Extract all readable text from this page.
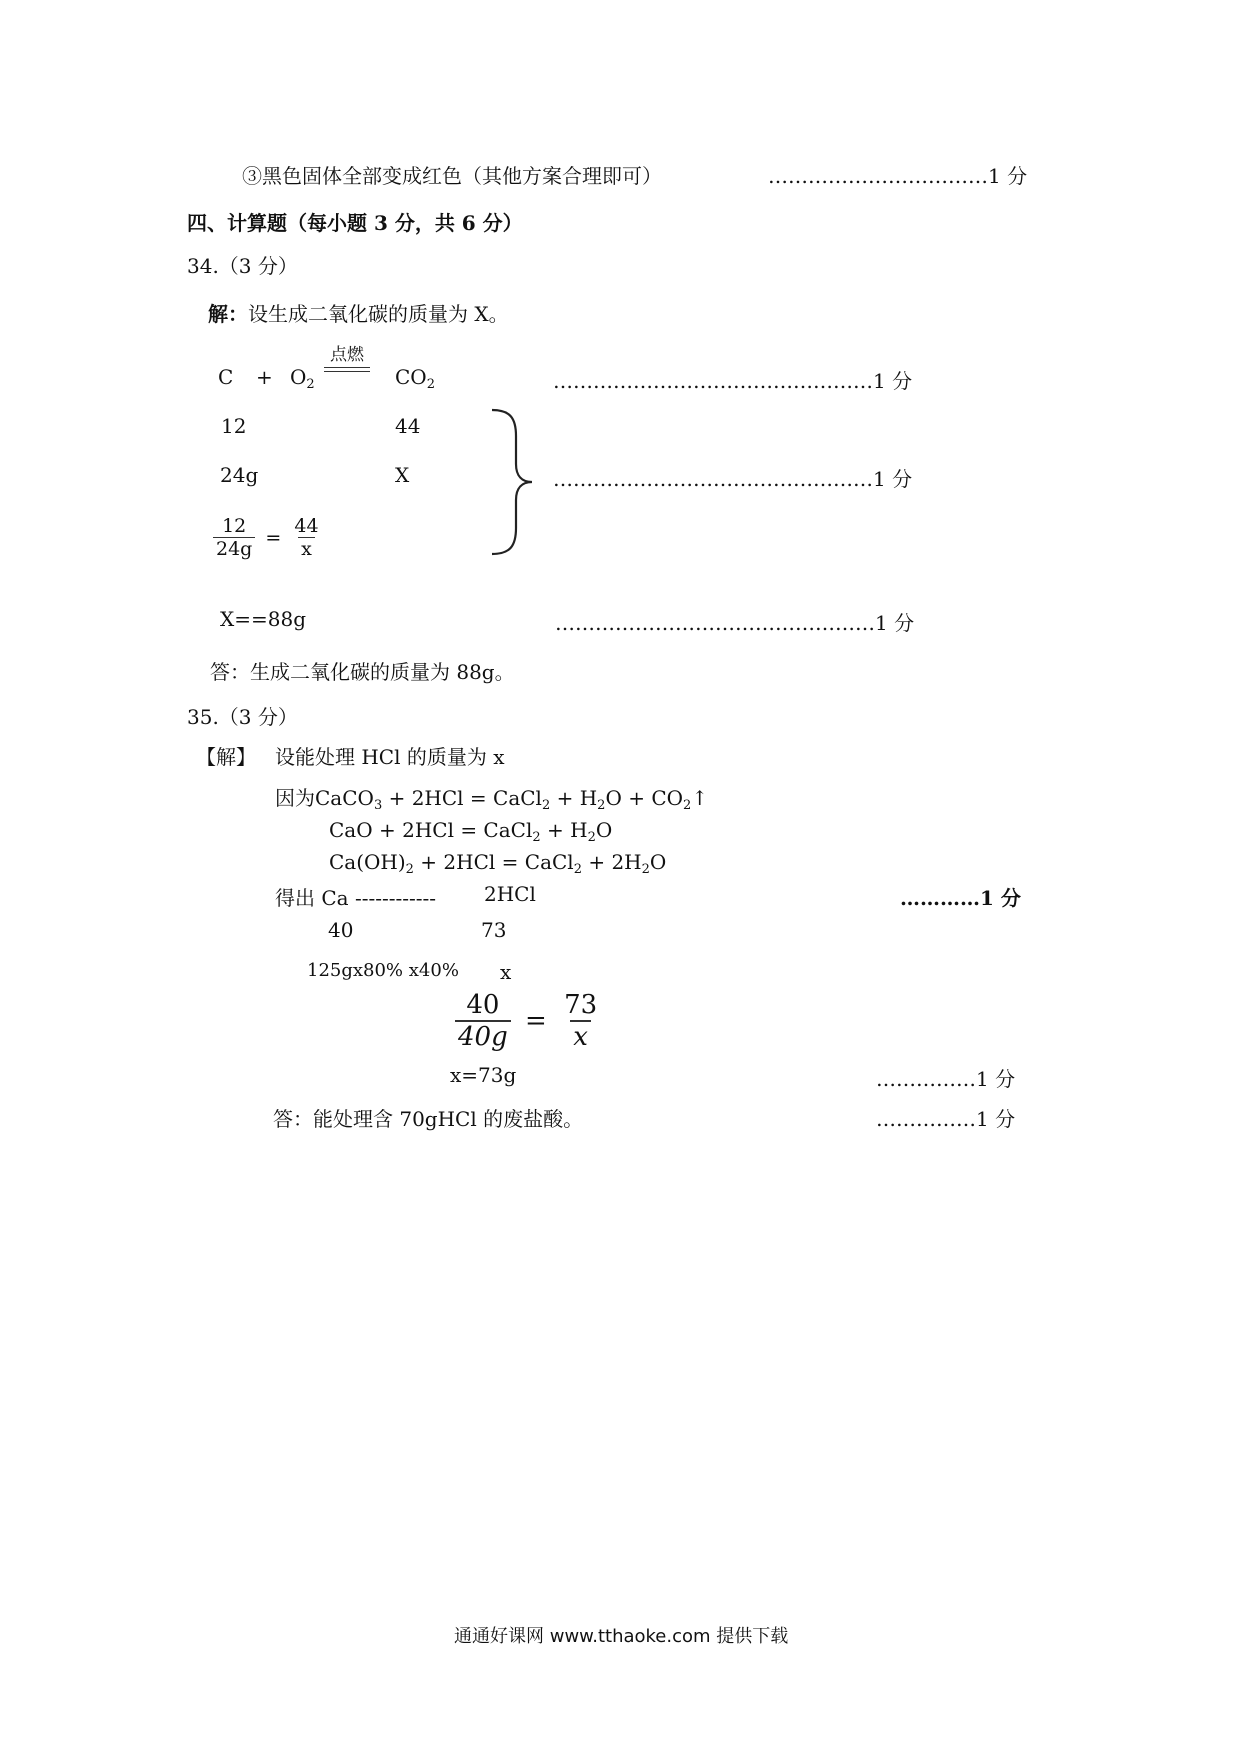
③黑色固体全部变成红色（其他方案合理即可）	……………………………1 分
四、计算题（每小题 3 分，共 6 分）
34.（3 分）
解：设生成二氧化碳的质量为 X。
$C + O_2$
点燃
$CO_2$	…………………………………………1 分
12	44
24g	X
$\frac{12}{24g} = \frac{44}{x}$
…………………………………………1 分
X==88g	…………………………………………1 分
答：生成二氧化碳的质量为 88g。
35.（3 分）
【解】 设能处理 HCl 的质量为 x
因为CaCO$_3$ + 2HCl = CaCl$_2$ + $H_2O$ + $CO_2↑$
CaO + 2HCl = CaCl$_2$ + $H_2O$
$Ca(OH)_2 + 2HCl$ = CaCl$_2$ + $2H_2O$
得出 Ca ------------ 2HCl	…………1 分
40	73
125gx80% x40% x
$\frac{40}{40g} = \frac{73}{x}$
x=73g	……………1 分
答：能处理含 70gHCl 的废盐酸。	……………1 分
通通好课网 www.tthaoke.com 提供下载
